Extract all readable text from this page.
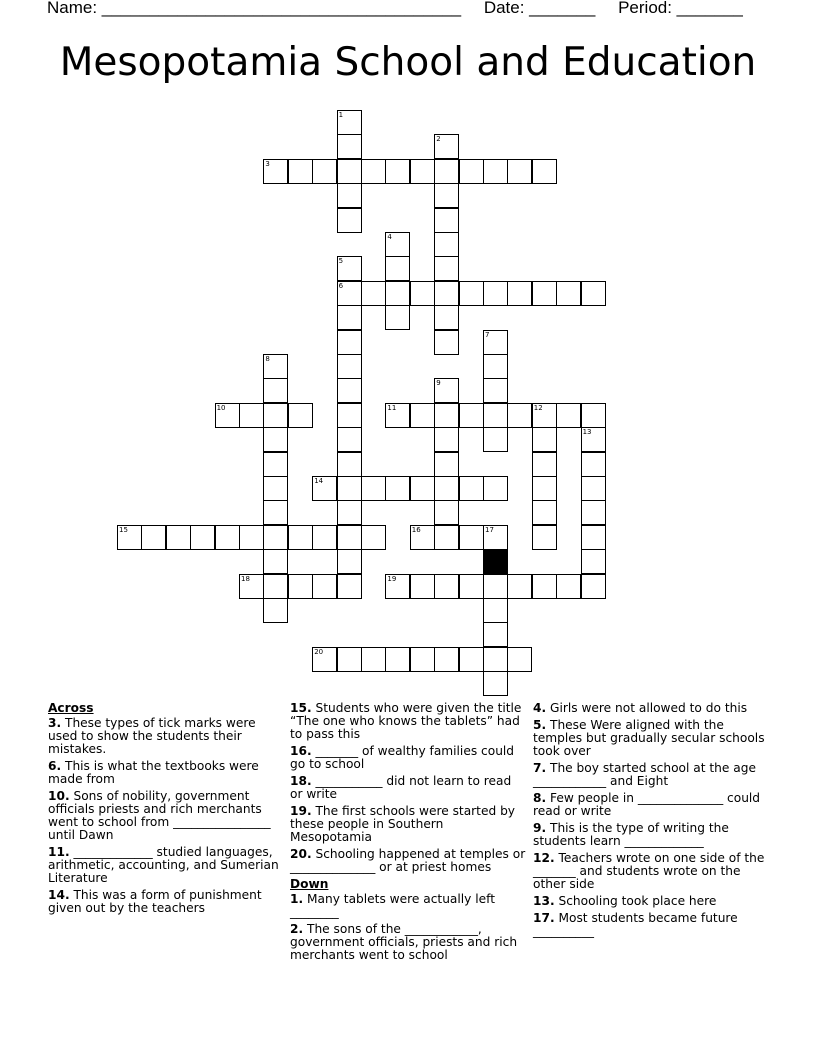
Name: ______________________________________ Date: _______ Period: _______
Mesopotamia School and Education
1
2
3
4
5
6
7
8
9
10	11	12
13
14
15	16	17
18	19
20
Across
3. These types of tick marks were used to show the students their mistakes.
6. This is what the textbooks were made from
10. Sons of nobility, government officials priests and rich merchants went to school from ________________ until Dawn
11. _____________ studied languages, arithmetic, accounting, and Sumerian Literature
14. This was a form of punishment given out by the teachers
15. Students who were given the title “The one who knows the tablets” had to pass this
16. _______ of wealthy families could go to school
18. ___________ did not learn to read or write
19. The first schools were started by these people in Southern Mesopotamia
20. Schooling happened at temples or ______________ or at priest homes
Down
1. Many tablets were actually left ________
2. The sons of the ____________, government officials, priests and rich merchants went to school
4. Girls were not allowed to do this
5. These Were aligned with the temples but gradually secular schools took over
7. The boy started school at the age ____________ and Eight
8. Few people in ______________ could read or write
9. This is the type of writing the students learn _____________
12. Teachers wrote on one side of the _______ and students wrote on the other side
13. Schooling took place here
17. Most students became future __________
